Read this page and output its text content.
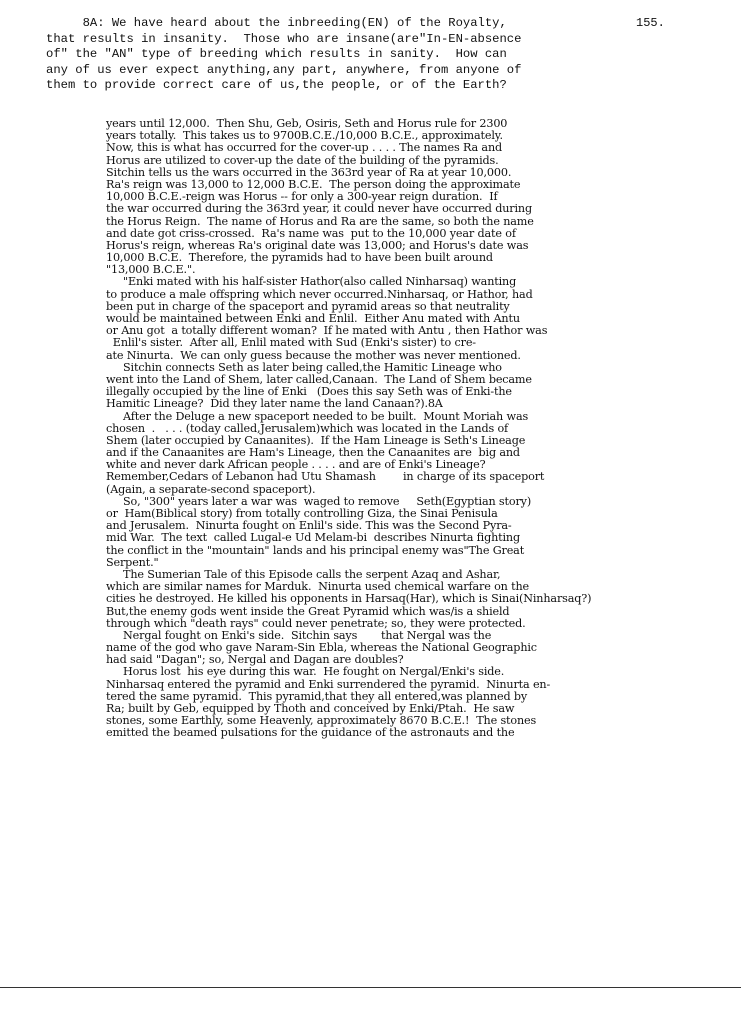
155.
8A: We have heard about the inbreeding(EN) of the Royalty,
that results in insanity.  Those who are insane(are"In-EN-absence
of" the "AN" type of breeding which results in sanity.  How can
any of us ever expect anything,any part, anywhere, from anyone of
them to provide correct care of us,the people, or of the Earth?
years until 12,000.  Then Shu, Geb, Osiris, Seth and Horus rule for 2300
years totally.  This takes us to 9700B.C.E./10,000 B.C.E., approximately.
Now, this is what has occurred for the cover-up . . . . The names Ra and
Horus are utilized to cover-up the date of the building of the pyramids.
Sitchin tells us the wars occurred in the 363rd year of Ra at year 10,000.
Ra's reign was 13,000 to 12,000 B.C.E.  The person doing the approximate
10,000 B.C.E.-reign was Horus -- for only a 300-year reign duration.  If
the war occurred during the 363rd year, it could never have occurred during
the Horus Reign.  The name of Horus and Ra are the same, so both the name
and date got criss-crossed.  Ra's name was  put to the 10,000 year date of
Horus's reign, whereas Ra's original date was 13,000; and Horus's date was
10,000 B.C.E.  Therefore, the pyramids had to have been built around
"13,000 B.C.E.".
"Enki mated with his half-sister Hathor(also called Ninharsaq) wanting
to produce a male offspring which never occurred.Ninharsaq, or Hathor, had
been put in charge of the spaceport and pyramid areas so that neutrality
would be maintained between Enki and Enlil.  Either Anu mated with Antu
or Anu got  a totally different woman?  If he mated with Antu , then Hathor was
Enlil's sister.  After all, Enlil mated with Sud (Enki's sister) to cre-
ate Ninurta.  We can only guess because the mother was never mentioned.
Sitchin connects Seth as later being called,the Hamitic Lineage who
went into the Land of Shem, later called,Canaan.  The Land of Shem became
illegally occupied by the line of Enki   (Does this say Seth was of Enki-the
Hamitic Lineage?  Did they later name the land Canaan?).8A
After the Deluge a new spaceport needed to be built.  Mount Moriah was
chosen  .   . . . (today called,Jerusalem)which was located in the Lands of
Shem (later occupied by Canaanites).  If the Ham Lineage is Seth's Lineage
and if the Canaanites are Ham's Lineage, then the Canaanites are  big and
white and never dark African people . . . . and are of Enki's Lineage?
Remember,Cedars of Lebanon had Utu Shamash        in charge of its spaceport
(Again, a separate-second spaceport).
So, "300" years later a war was  waged to remove     Seth(Egyptian story)
or  Ham(Biblical story) from totally controlling Giza, the Sinai Penisula
and Jerusalem.  Ninurta fought on Enlil's side. This was the Second Pyra-
mid War.  The text  called Lugal-e Ud Melam-bi  describes Ninurta fighting
the conflict in the "mountain" lands and his principal enemy was"The Great
Serpent."
The Sumerian Tale of this Episode calls the serpent Azaq and Ashar,
which are similar names for Marduk.  Ninurta used chemical warfare on the
cities he destroyed. He killed his opponents in Harsaq(Har), which is Sinai(Ninharsaq?)
But,the enemy gods went inside the Great Pyramid which was/is a shield
through which "death rays" could never penetrate; so, they were protected.
Nergal fought on Enki's side.  Sitchin says       that Nergal was the
name of the god who gave Naram-Sin Ebla, whereas the National Geographic
had said "Dagan"; so, Nergal and Dagan are doubles?
Horus lost  his eye during this war.  He fought on Nergal/Enki's side.
Ninharsaq entered the pyramid and Enki surrendered the pyramid.  Ninurta en-
tered the same pyramid.  This pyramid,that they all entered,was planned by
Ra; built by Geb, equipped by Thoth and conceived by Enki/Ptah.  He saw
stones, some Earthly, some Heavenly, approximately 8670 B.C.E.!  The stones
emitted the beamed pulsations for the guidance of the astronauts and the
